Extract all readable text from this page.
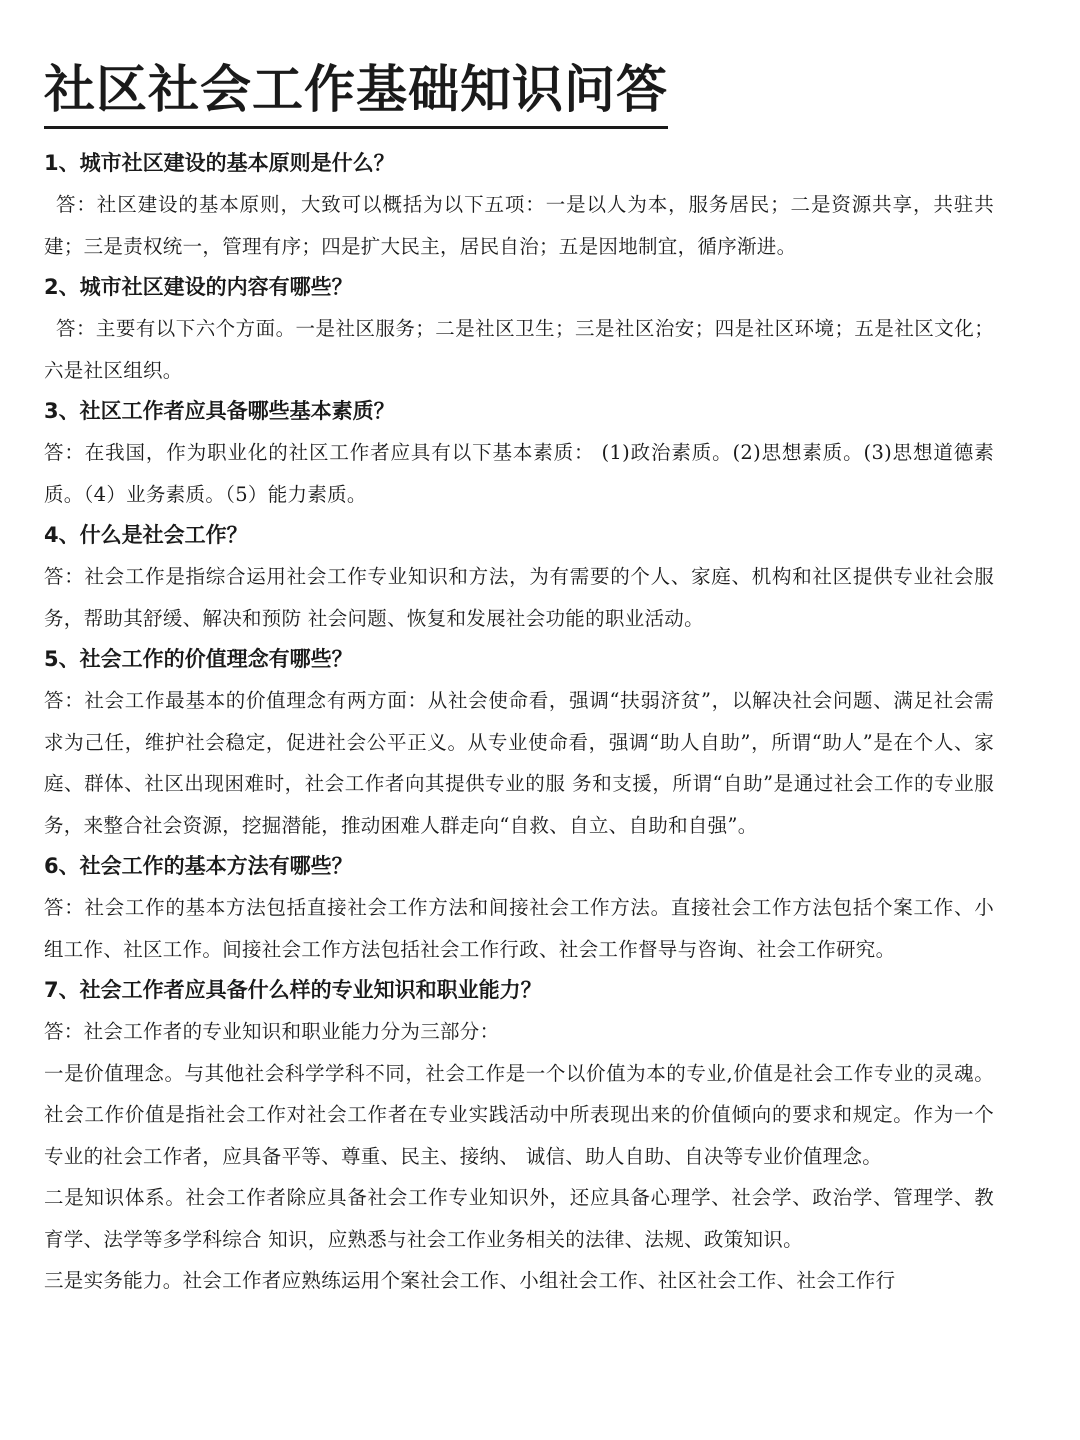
社区社会工作基础知识问答

1、城市社区建设的基本原则是什么？

答：社区建设的基本原则，大致可以概括为以下五项：一是以人为本，服务居民；二是资源共享，共驻共建；三是责权统一，管理有序；四是扩大民主，居民自治；五是因地制宜，循序渐进。

2、城市社区建设的内容有哪些？

答：主要有以下六个方面。一是社区服务；二是社区卫生；三是社区治安；四是社区环境；五是社区文化；六是社区组织。

3、社区工作者应具备哪些基本素质？

答：在我国，作为职业化的社区工作者应具有以下基本素质： (1)政治素质。(2)思想素质。(3)思想道德素质。（4）业务素质。（5）能力素质。

4、什么是社会工作？

答：社会工作是指综合运用社会工作专业知识和方法，为有需要的个人、家庭、机构和社区提供专业社会服务，帮助其舒缓、解决和预防 社会问题、恢复和发展社会功能的职业活动。

5、社会工作的价值理念有哪些？

答：社会工作最基本的价值理念有两方面：从社会使命看，强调“扶弱济贫”，以解决社会问题、满足社会需求为己任，维护社会稳定，促进社会公平正义。从专业使命看，强调“助人自助”，所谓“助人”是在个人、家庭、群体、社区出现困难时，社会工作者向其提供专业的服 务和支援，所谓“自助”是通过社会工作的专业服务，来整合社会资源，挖掘潜能，推动困难人群走向“自救、自立、自助和自强”。

6、社会工作的基本方法有哪些？

答：社会工作的基本方法包括直接社会工作方法和间接社会工作方法。直接社会工作方法包括个案工作、小组工作、社区工作。间接社会工作方法包括社会工作行政、社会工作督导与咨询、社会工作研究。

7、社会工作者应具备什么样的专业知识和职业能力？

答：社会工作者的专业知识和职业能力分为三部分：

一是价值理念。与其他社会科学学科不同，社会工作是一个以价值为本的专业,价值是社会工作专业的灵魂。社会工作价值是指社会工作对社会工作者在专业实践活动中所表现出来的价值倾向的要求和规定。作为一个专业的社会工作者，应具备平等、尊重、民主、接纳、 诚信、助人自助、自决等专业价值理念。

二是知识体系。社会工作者除应具备社会工作专业知识外，还应具备心理学、社会学、政治学、管理学、教育学、法学等多学科综合 知识，应熟悉与社会工作业务相关的法律、法规、政策知识。

三是实务能力。社会工作者应熟练运用个案社会工作、小组社会工作、社区社会工作、社会工作行
